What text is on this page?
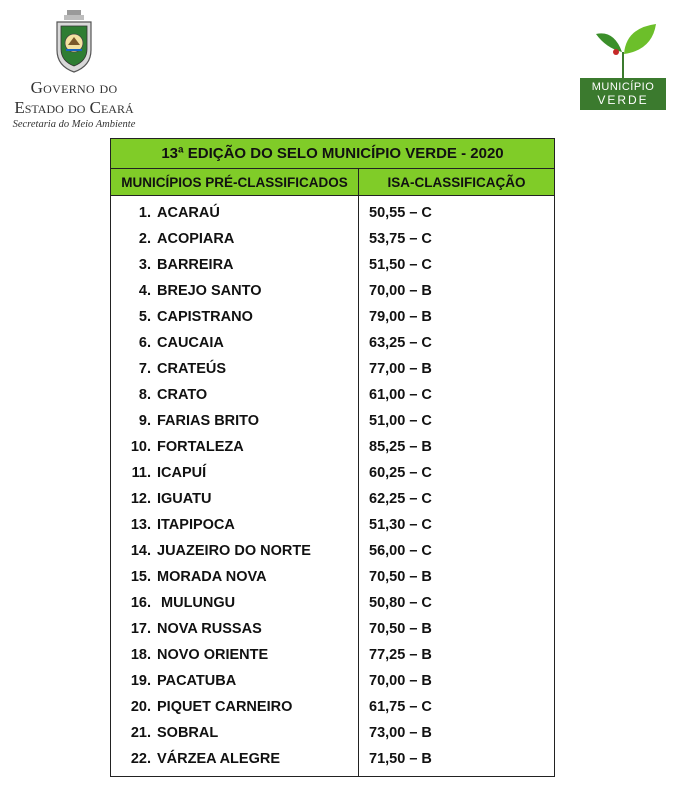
Governo do
Estado do Ceará
Secretaria do Meio Ambiente
MUNICÍPIO
VERDE
13ª EDIÇÃO DO SELO MUNICÍPIO VERDE - 2020	
MUNICÍPIOS PRÉ-CLASSIFICADOS	ISA-CLASSIFICAÇÃO
1. ACARAÚ	50,55 – C
2. ACOPIARA	53,75 – C
3. BARREIRA	51,50 – C
4. BREJO SANTO	70,00 – B
5. CAPISTRANO	79,00 – B
6. CAUCAIA	63,25 – C
7. CRATEÚS	77,00 – B
8. CRATO	61,00 – C
9. FARIAS BRITO	51,00 – C
10. FORTALEZA	85,25 – B
11. ICAPUÍ	60,25 – C
12. IGUATU	62,25 – C
13. ITAPIPOCA	51,30 – C
14. JUAZEIRO DO NORTE	56,00 – C
15. MORADA NOVA	70,50 – B
16. MULUNGU	50,80 – C
17. NOVA RUSSAS	70,50 – B
18. NOVO ORIENTE	77,25 – B
19. PACATUBA	70,00 – B
20. PIQUET CARNEIRO	61,75 – C
21. SOBRAL	73,00 – B
22. VÁRZEA ALEGRE	71,50 – B
